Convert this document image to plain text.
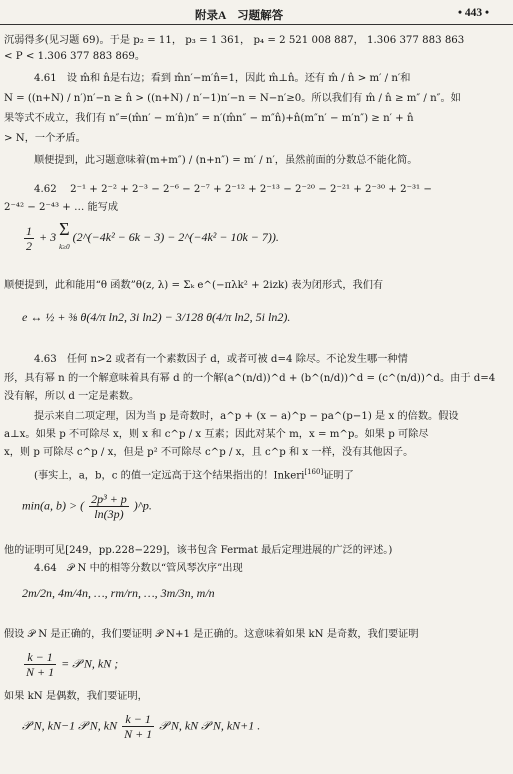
附录A　习题解答	• 443 •
沉弱得多(见习题 69)。于是 p₂ = 11， p₃ = 1 361， p₄ = 2 521 008 887， 1.306 377 883 863
< P < 1.306 377 883 869。
4.61　设 m̂和 n̂是右边；看到 m̂n′−m′n̂=1，因此 m̂⊥n̂。还有 m̂ / n̂ > m′ / n′和
N = ((n+N) / n′)n′−n ≥ n̂ > ((n+N) / n′−1)n′−n = N−n′≥0。所以我们有 m̂ / n̂ ≥ m″ / n″。如
果等式不成立，我们有 n″=(m̂n′ − m′n̂)n″ = n′(m̂n″ − m″n̂)+n̂(m″n′ − m′n″) ≥ n′ + n̂
> N，一个矛盾。
顺便提到，此习题意味着(m+m″) / (n+n″) = m′ / n′，虽然前面的分数总不能化简。
4.62　 2⁻¹ + 2⁻² + 2⁻³ − 2⁻⁶ − 2⁻⁷ + 2⁻¹² + 2⁻¹³ − 2⁻²⁰ − 2⁻²¹ + 2⁻³⁰ + 2⁻³¹ −
2⁻⁴² − 2⁻⁴³ + … 能写成
$\frac{1}{2} + 3$ Σ
k≥0 (2^(−4k² − 6k − 3) − 2^(−4k² − 10k − 7)).
顺便提到，此和能用“θ 函数”θ(z, λ) = Σₖ e^(−πλk² + 2izk) 表为闭形式，我们有
e ↔ ½ + ⅜ θ(4/π ln2, 3i ln2) − 3/128 θ(4/π ln2, 5i ln2).
4.63　任何 n>2 或者有一个素数因子 d，或者可被 d=4 除尽。不论发生哪一种情
形，具有幂 n 的一个解意味着具有幂 d 的一个解(a^(n/d))^d + (b^(n/d))^d = (c^(n/d))^d。由于 d=4
没有解，所以 d 一定是素数。
提示来自二项定理，因为当 p 是奇数时，a^p + (x − a)^p − pa^(p−1) 是 x 的倍数。假设
a⊥x。如果 p 不可除尽 x，则 x 和 c^p / x 互素；因此对某个 m，x = m^p。如果 p 可除尽
x，则 p 可除尽 c^p / x，但是 p² 不可除尽 c^p / x，且 c^p 和 x 一样，没有其他因子。
(事实上，a，b，c 的值一定远高于这个结果指出的！Inkeri[160]证明了
min(a, b) > ( $\frac{\text{2p³ + p}}{\ln(3p)}$ )^p.
他的证明可见[249，pp.228−229]，该书包含 Fermat 最后定理进展的广泛的评述。)
4.64　𝒫 N 中的相等分数以“管风琴次序”出现
2m/2n, 4m/4n, …, rm/rn, …, 3m/3n, m/n
假设 𝒫 N 是正确的，我们要证明 𝒫 N+1 是正确的。这意味着如果 kN 是奇数，我们要证明
$\frac{k - 1}{N + 1}$ = 𝒫 N, kN ;
如果 kN 是偶数，我们要证明，
𝒫 N, kN−1 𝒫 N, kN $\frac{k - 1}{N + 1}$ 𝒫 N, kN 𝒫 N, kN+1 .
